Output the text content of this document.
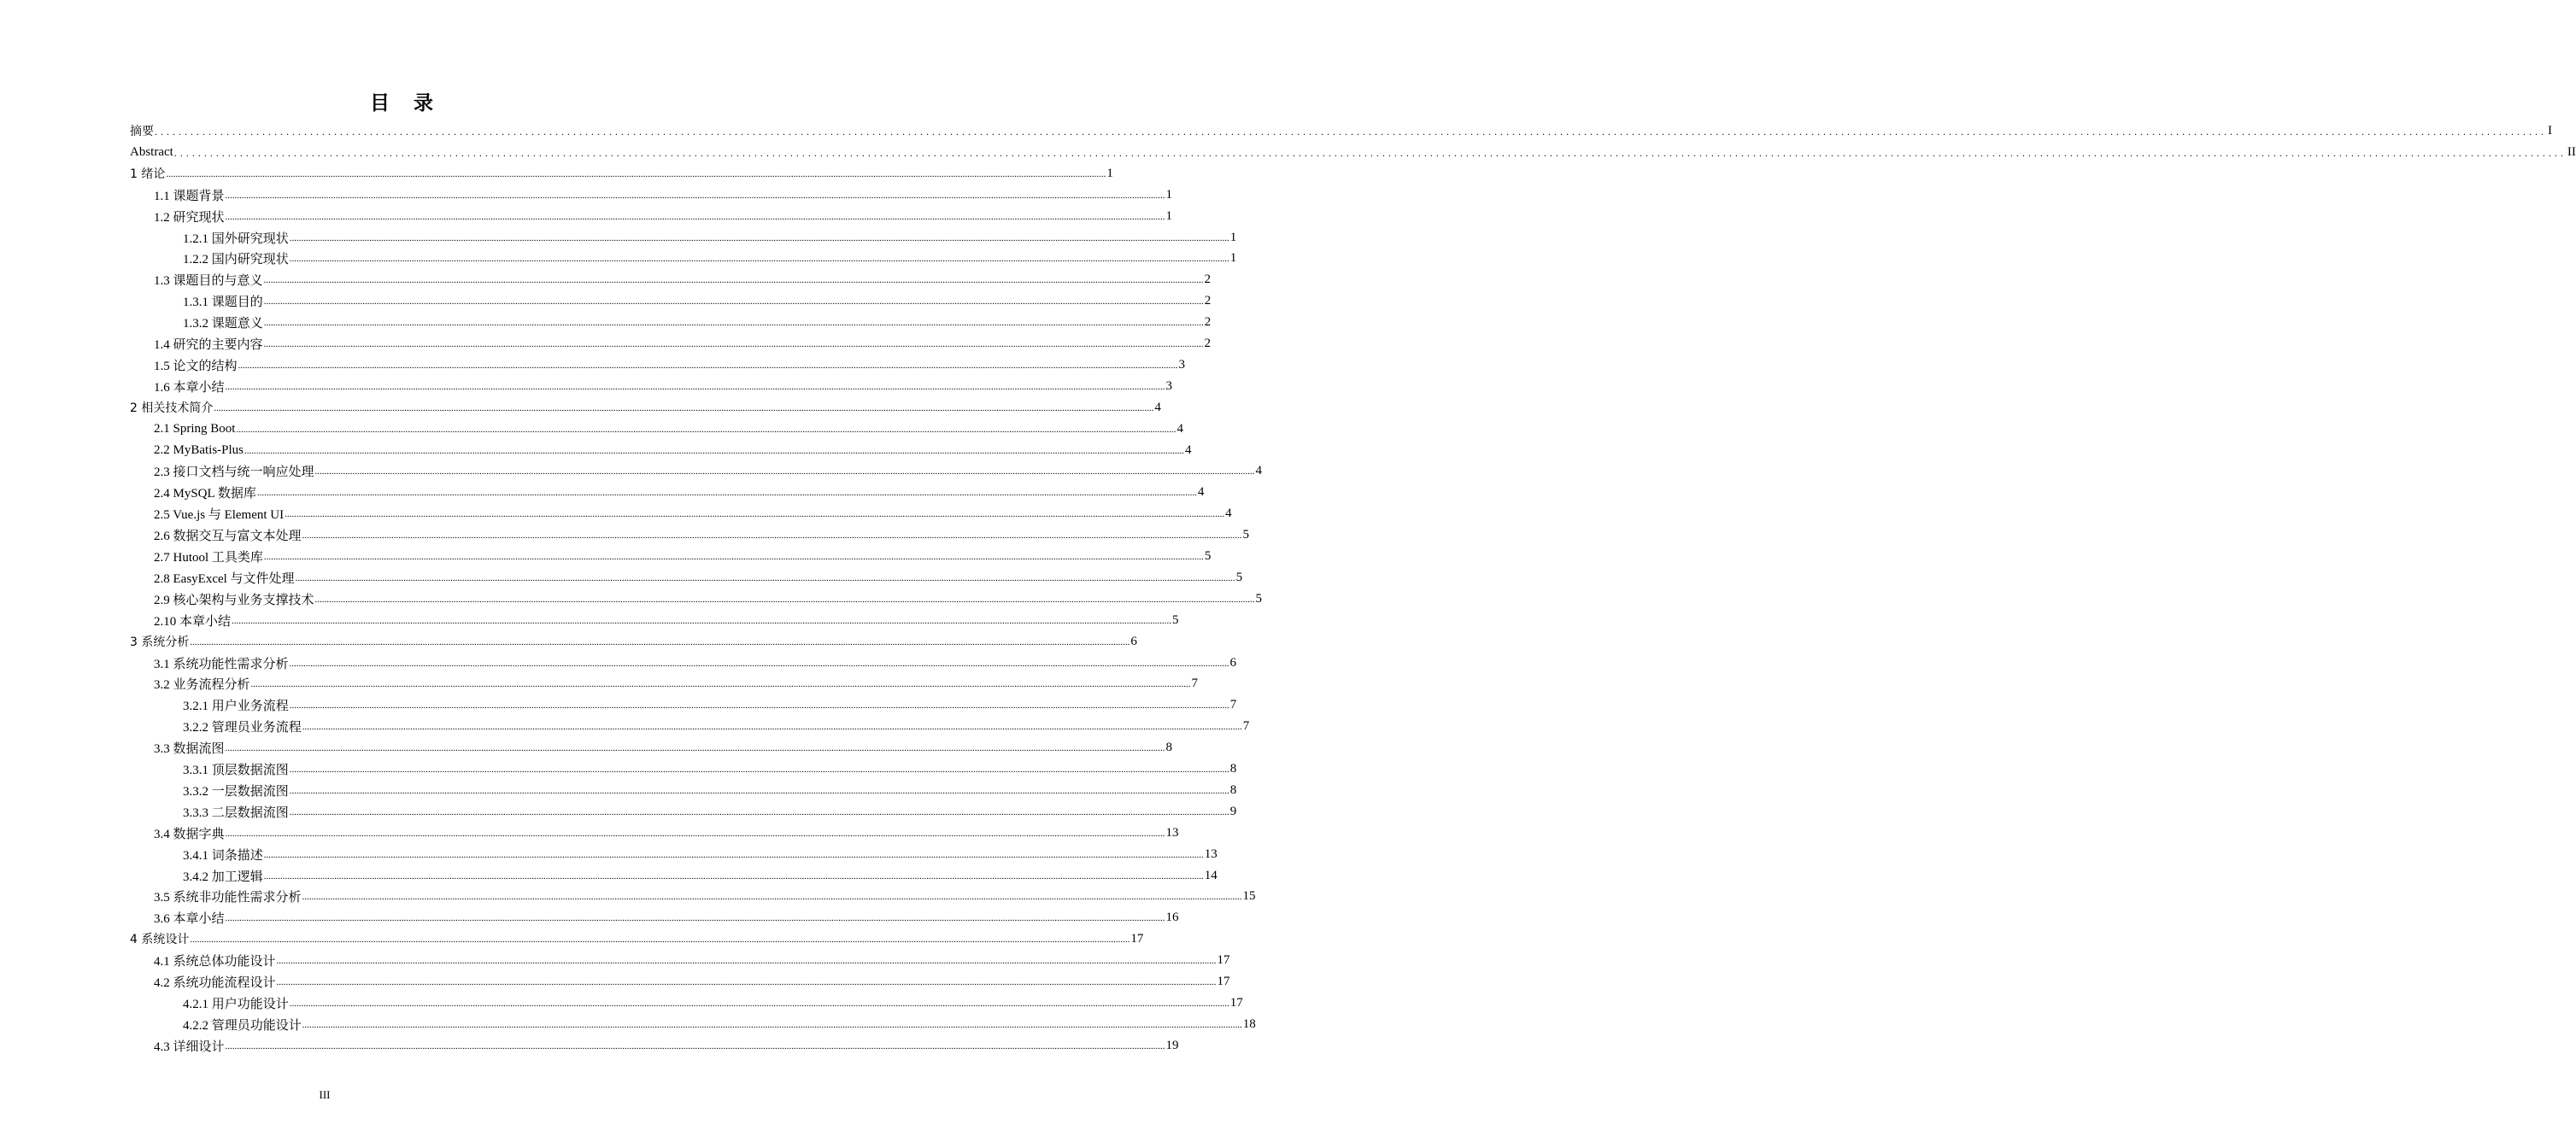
目 录
摘要 ................................................................................................................................................................................................................................................................................................................................................................................................................ I
Abstract ................................................................................................................................................................................................................................................................................................................................................................................................................ II
1 绪论 ................................................................................................................................................................................................................................................................................................................................................................................................................ 1
1.1 课题背景 ................................................................................................................................................................................................................................................................................................................................................................................................................ 1
1.2 研究现状 ................................................................................................................................................................................................................................................................................................................................................................................................................ 1
1.2.1 国外研究现状 ................................................................................................................................................................................................................................................................................................................................................................................................................ 1
1.2.2 国内研究现状 ................................................................................................................................................................................................................................................................................................................................................................................................................ 1
1.3 课题目的与意义 ................................................................................................................................................................................................................................................................................................................................................................................................................ 2
1.3.1 课题目的 ................................................................................................................................................................................................................................................................................................................................................................................................................ 2
1.3.2 课题意义 ................................................................................................................................................................................................................................................................................................................................................................................................................ 2
1.4 研究的主要内容 ................................................................................................................................................................................................................................................................................................................................................................................................................ 2
1.5 论文的结构 ................................................................................................................................................................................................................................................................................................................................................................................................................ 3
1.6 本章小结 ................................................................................................................................................................................................................................................................................................................................................................................................................ 3
2 相关技术简介 ................................................................................................................................................................................................................................................................................................................................................................................................................ 4
2.1 Spring Boot ................................................................................................................................................................................................................................................................................................................................................................................................................ 4
2.2 MyBatis-Plus ................................................................................................................................................................................................................................................................................................................................................................................................................ 4
2.3 接口文档与统一响应处理 ................................................................................................................................................................................................................................................................................................................................................................................................................ 4
2.4 MySQL 数据库 ................................................................................................................................................................................................................................................................................................................................................................................................................ 4
2.5 Vue.js 与 Element UI ................................................................................................................................................................................................................................................................................................................................................................................................................ 4
2.6 数据交互与富文本处理 ................................................................................................................................................................................................................................................................................................................................................................................................................ 5
2.7 Hutool 工具类库 ................................................................................................................................................................................................................................................................................................................................................................................................................ 5
2.8 EasyExcel 与文件处理 ................................................................................................................................................................................................................................................................................................................................................................................................................ 5
2.9 核心架构与业务支撑技术 ................................................................................................................................................................................................................................................................................................................................................................................................................ 5
2.10 本章小结 ................................................................................................................................................................................................................................................................................................................................................................................................................ 5
3 系统分析 ................................................................................................................................................................................................................................................................................................................................................................................................................ 6
3.1 系统功能性需求分析 ................................................................................................................................................................................................................................................................................................................................................................................................................ 6
3.2 业务流程分析 ................................................................................................................................................................................................................................................................................................................................................................................................................ 7
3.2.1 用户业务流程 ................................................................................................................................................................................................................................................................................................................................................................................................................ 7
3.2.2 管理员业务流程 ................................................................................................................................................................................................................................................................................................................................................................................................................ 7
3.3 数据流图 ................................................................................................................................................................................................................................................................................................................................................................................................................ 8
3.3.1 顶层数据流图 ................................................................................................................................................................................................................................................................................................................................................................................................................ 8
3.3.2 一层数据流图 ................................................................................................................................................................................................................................................................................................................................................................................................................ 8
3.3.3 二层数据流图 ................................................................................................................................................................................................................................................................................................................................................................................................................ 9
3.4 数据字典 ................................................................................................................................................................................................................................................................................................................................................................................................................ 13
3.4.1 词条描述 ................................................................................................................................................................................................................................................................................................................................................................................................................ 13
3.4.2 加工逻辑 ................................................................................................................................................................................................................................................................................................................................................................................................................ 14
3.5 系统非功能性需求分析 ................................................................................................................................................................................................................................................................................................................................................................................................................ 15
3.6 本章小结 ................................................................................................................................................................................................................................................................................................................................................................................................................ 16
4 系统设计 ................................................................................................................................................................................................................................................................................................................................................................................................................ 17
4.1 系统总体功能设计 ................................................................................................................................................................................................................................................................................................................................................................................................................ 17
4.2 系统功能流程设计 ................................................................................................................................................................................................................................................................................................................................................................................................................ 17
4.2.1 用户功能设计 ................................................................................................................................................................................................................................................................................................................................................................................................................ 17
4.2.2 管理员功能设计 ................................................................................................................................................................................................................................................................................................................................................................................................................ 18
4.3 详细设计 ................................................................................................................................................................................................................................................................................................................................................................................................................ 19
III
